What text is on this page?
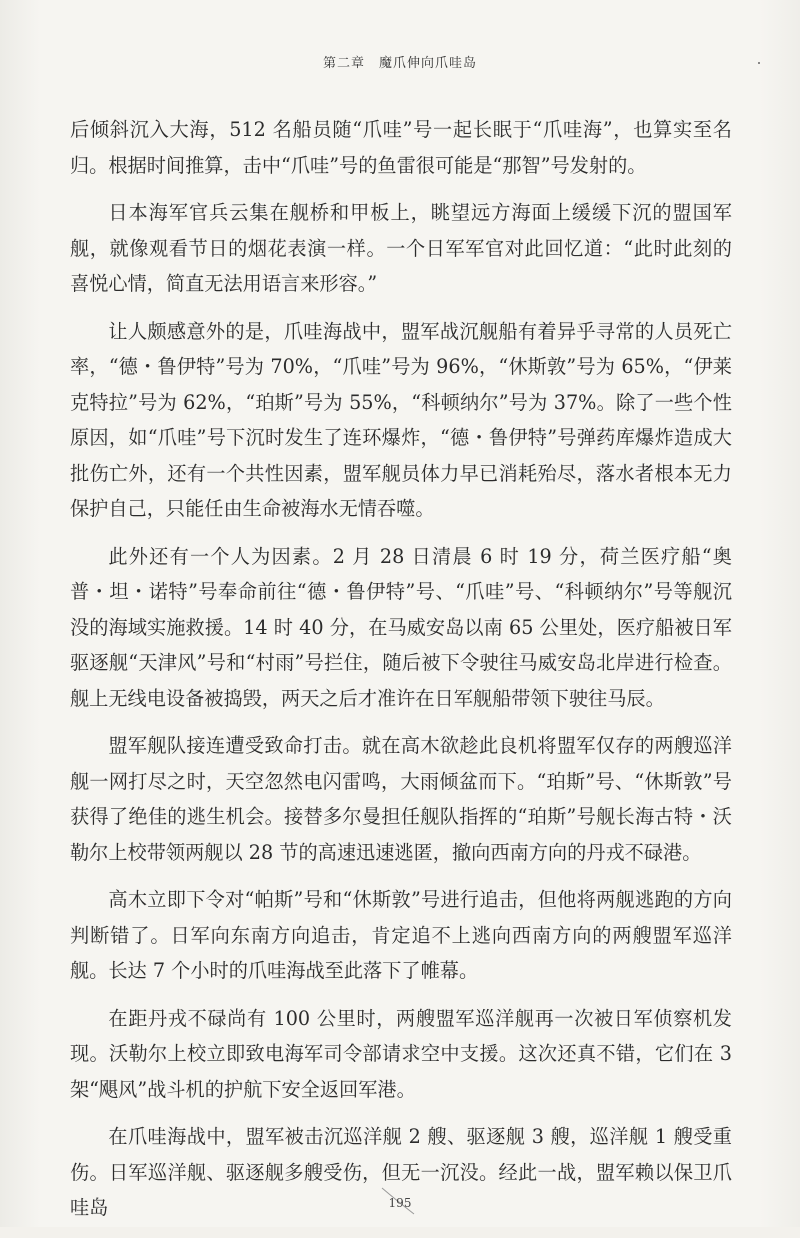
第二章　魔爪伸向爪哇岛

后倾斜沉入大海，512 名船员随“爪哇”号一起长眠于“爪哇海”，也算实至名归。根据时间推算，击中“爪哇”号的鱼雷很可能是“那智”号发射的。

日本海军官兵云集在舰桥和甲板上，眺望远方海面上缓缓下沉的盟国军舰，就像观看节日的烟花表演一样。一个日军军官对此回忆道：“此时此刻的喜悦心情，简直无法用语言来形容。”

让人颇感意外的是，爪哇海战中，盟军战沉舰船有着异乎寻常的人员死亡率，“德・鲁伊特”号为 70%，“爪哇”号为 96%，“休斯敦”号为 65%，“伊莱克特拉”号为 62%，“珀斯”号为 55%，“科顿纳尔”号为 37%。除了一些个性原因，如“爪哇”号下沉时发生了连环爆炸，“德・鲁伊特”号弹药库爆炸造成大批伤亡外，还有一个共性因素，盟军舰员体力早已消耗殆尽，落水者根本无力保护自己，只能任由生命被海水无情吞噬。

此外还有一个人为因素。2 月 28 日清晨 6 时 19 分，荷兰医疗船“奥普・坦・诺特”号奉命前往“德・鲁伊特”号、“爪哇”号、“科顿纳尔”号等舰沉没的海域实施救援。14 时 40 分，在马威安岛以南 65 公里处，医疗船被日军驱逐舰“天津风”号和“村雨”号拦住，随后被下令驶往马威安岛北岸进行检查。舰上无线电设备被捣毁，两天之后才准许在日军舰船带领下驶往马辰。

盟军舰队接连遭受致命打击。就在高木欲趁此良机将盟军仅存的两艘巡洋舰一网打尽之时，天空忽然电闪雷鸣，大雨倾盆而下。“珀斯”号、“休斯敦”号获得了绝佳的逃生机会。接替多尔曼担任舰队指挥的“珀斯”号舰长海古特・沃勒尔上校带领两舰以 28 节的高速迅速逃匿，撤向西南方向的丹戎不碌港。

高木立即下令对“帕斯”号和“休斯敦”号进行追击，但他将两舰逃跑的方向判断错了。日军向东南方向追击，肯定追不上逃向西南方向的两艘盟军巡洋舰。长达 7 个小时的爪哇海战至此落下了帷幕。

在距丹戎不碌尚有 100 公里时，两艘盟军巡洋舰再一次被日军侦察机发现。沃勒尔上校立即致电海军司令部请求空中支援。这次还真不错，它们在 3 架“飓风”战斗机的护航下安全返回军港。

在爪哇海战中，盟军被击沉巡洋舰 2 艘、驱逐舰 3 艘，巡洋舰 1 艘受重伤。日军巡洋舰、驱逐舰多艘受伤，但无一沉没。经此一战，盟军赖以保卫爪哇岛	195
